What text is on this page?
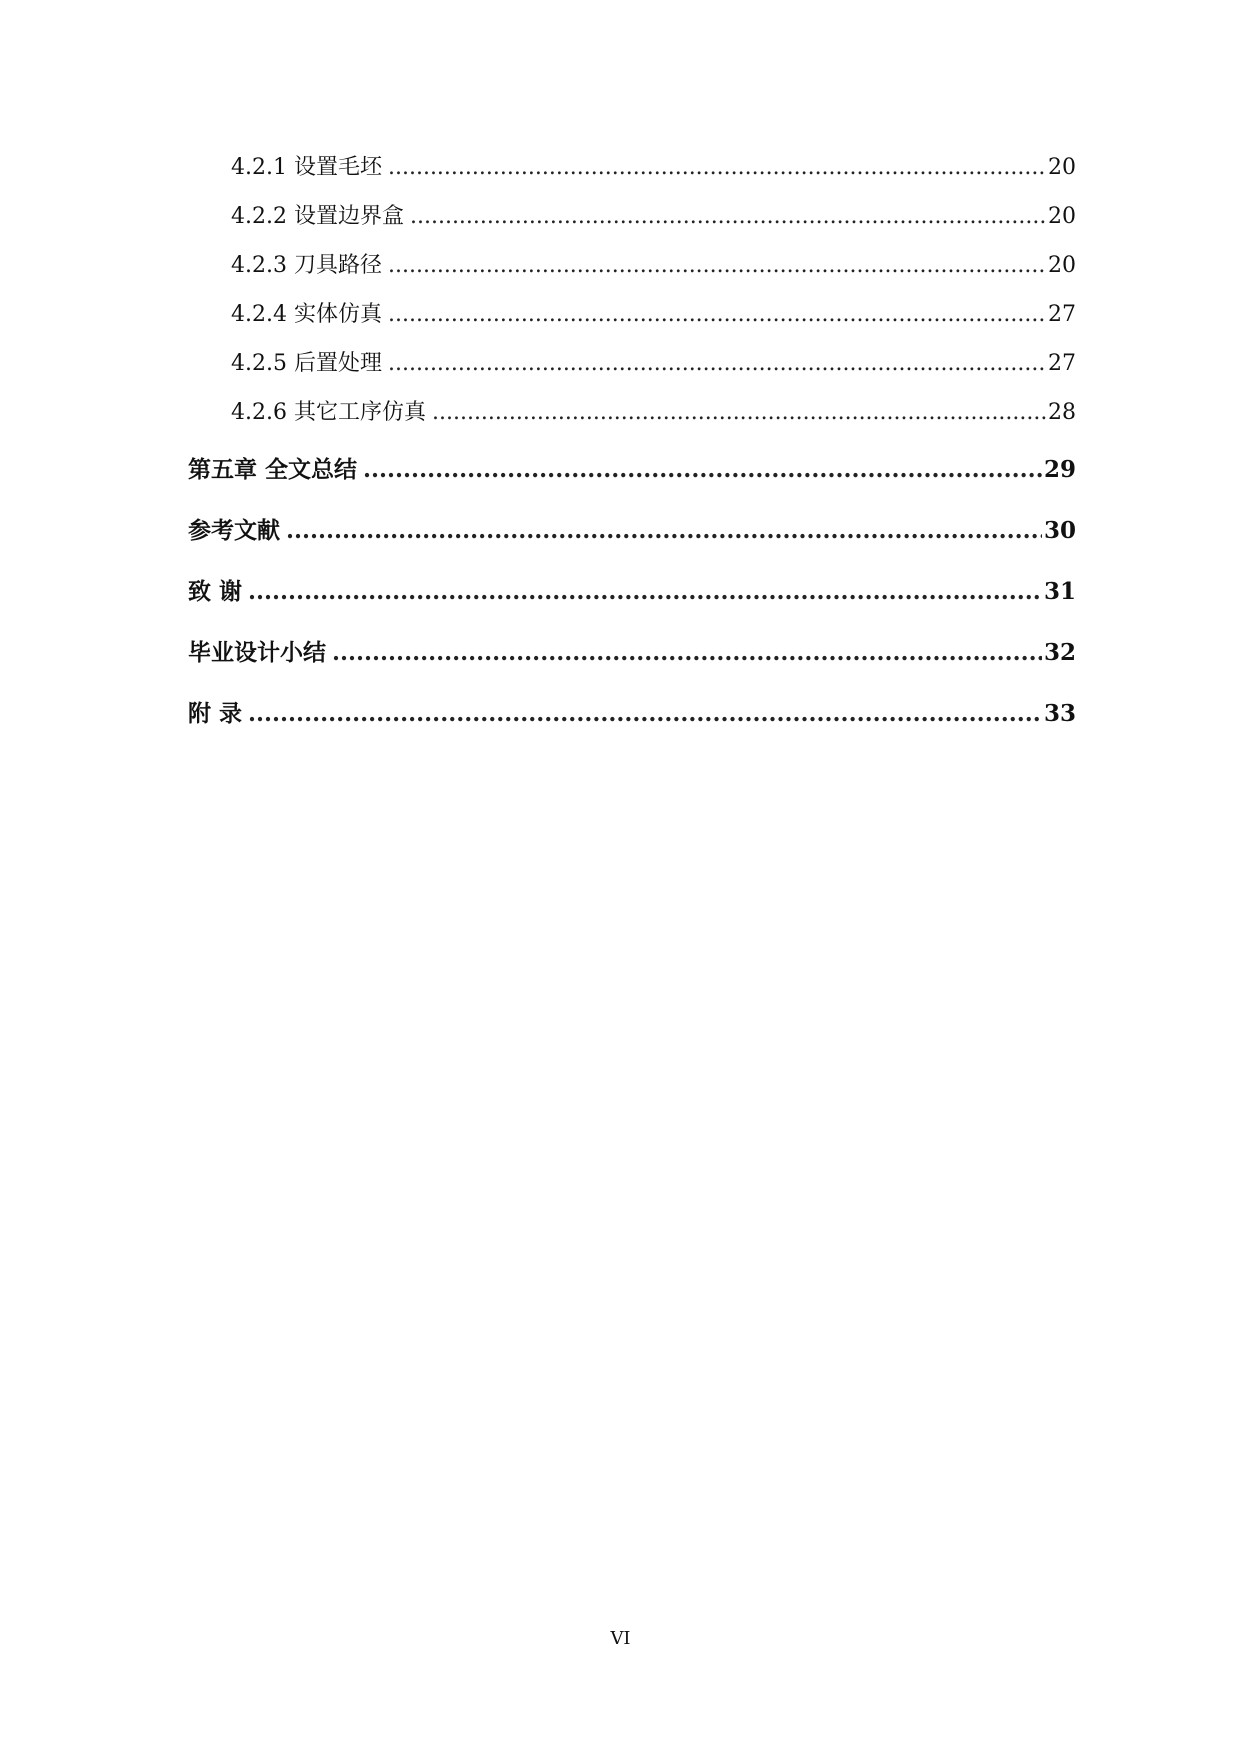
4.2.1 设置毛坯 .....	20
4.2.2 设置边界盒 .....	20
4.2.3 刀具路径 .....	20
4.2.4 实体仿真 .....	27
4.2.5 后置处理 .....	27
4.2.6 其它工序仿真 .....	28
第五章 全文总结 .....	29
参考文献 .....	30
致 谢 .....	31
毕业设计小结 .....	32
附 录 .....	33
VI
